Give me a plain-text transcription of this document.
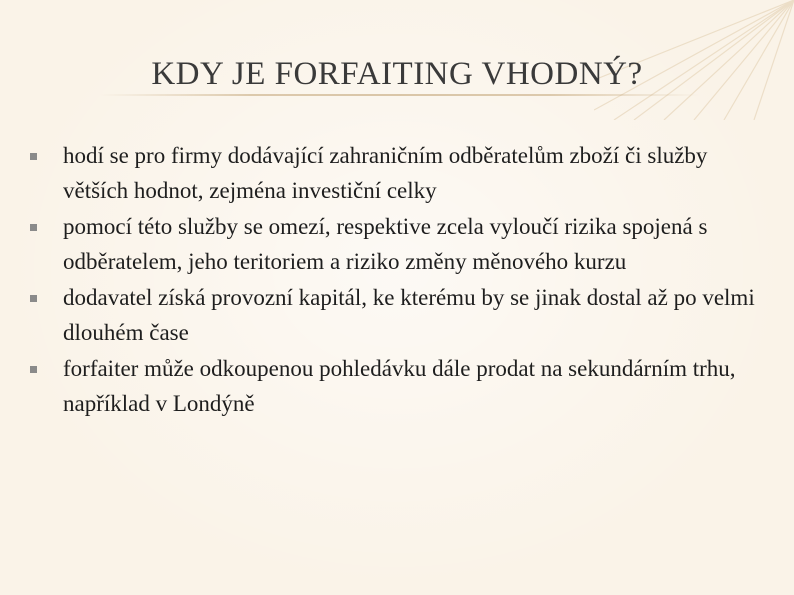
KDY JE FORFAITING VHODNÝ?
hodí se pro firmy dodávající zahraničním odběratelům zboží či služby větších hodnot, zejména investiční celky
pomocí této služby se omezí, respektive zcela vyloučí rizika spojená s odběratelem, jeho teritoriem a riziko změny měnového kurzu
dodavatel získá provozní kapitál, ke kterému by se jinak dostal až po velmi dlouhém čase
forfaiter může odkoupenou pohledávku dále prodat na sekundárním trhu, například v Londýně
